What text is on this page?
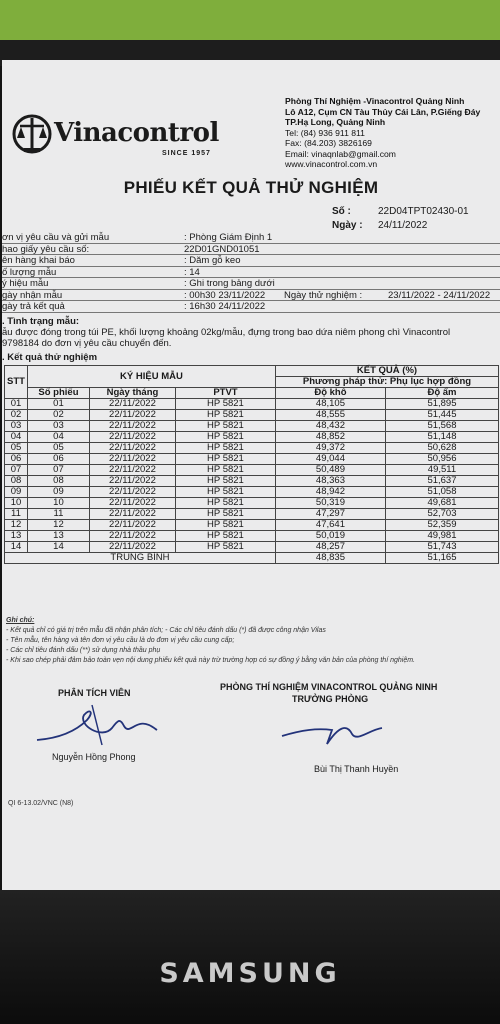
Vinacontrol
SINCE 1957
Phòng Thí Nghiệm -Vinacontrol Quảng Ninh
Lô A12, Cụm CN Tàu Thủy Cái Lân, P.Giếng Đáy
TP.Hạ Long, Quảng Ninh
Tel: (84) 936 911 811
Fax: (84.203) 3826169
Email: vinaqnlab@gmail.com
www.vinacontrol.com.vn
PHIẾU KẾT QUẢ THỬ NGHIỆM
Số :	22D04TPT02430-01
Ngày : 24/11/2022
ơn vị yêu cầu và gửi mẫu	: Phòng Giám Định 1
hao giấy yêu cầu số:	22D01GND01051
ên hàng khai báo	: Dăm gỗ keo
ố lượng mẫu	: 14
ý hiệu mẫu	: Ghi trong bảng dưới
gày nhận mẫu	: 00h30 23/11/2022 Ngày thử nghiệm :	23/11/2022 - 24/11/2022
gày trả kết quả	: 16h30 24/11/2022
. Tình trạng mẫu:
ẫu được đóng trong túi PE, khối lượng khoảng 02kg/mẫu, đựng trong bao dứa niêm phong chì Vinacontrol
9798184 do đơn vị yêu cầu chuyển đến.
. Kết quả thử nghiệm
STT	KÝ HIỆU MẪU			KẾT QUẢ (%)	
				Phương pháp thử: Phụ lục hợp đồng	
	Số phiếu	Ngày tháng	PTVT	Độ khô	Độ ẩm
01	01	22/11/2022	HP 5821	48,105	51,895
02	02	22/11/2022	HP 5821	48,555	51,445
03	03	22/11/2022	HP 5821	48,432	51,568
04	04	22/11/2022	HP 5821	48,852	51,148
05	05	22/11/2022	HP 5821	49,372	50,628
06	06	22/11/2022	HP 5821	49,044	50,956
07	07	22/11/2022	HP 5821	50,489	49,511
08	08	22/11/2022	HP 5821	48,363	51,637
09	09	22/11/2022	HP 5821	48,942	51,058
10	10	22/11/2022	HP 5821	50,319	49,681
11	11	22/11/2022	HP 5821	47,297	52,703
12	12	22/11/2022	HP 5821	47,641	52,359
13	13	22/11/2022	HP 5821	50,019	49,981
14	14	22/11/2022	HP 5821	48,257	51,743
TRUNG BÌNH				48,835	51,165
Ghi chú:
- Kết quả chỉ có giá trị trên mẫu đã nhận phân tích; - Các chỉ tiêu đánh dấu (*) đã được công nhận Vilas
- Tên mẫu, tên hàng và tên đơn vị yêu cầu là do đơn vị yêu cầu cung cấp;
- Các chỉ tiêu đánh dấu (**) sử dụng nhà thầu phụ
- Khi sao chép phải đảm bảo toàn vẹn nội dung phiếu kết quả này trừ trường hợp có sự đồng ý bằng văn bản của phòng thí nghiệm.
PHÂN TÍCH VIÊN
Nguyễn Hồng Phong
PHÒNG THÍ NGHIỆM VINACONTROL QUẢNG NINH
TRƯỞNG PHÒNG
Bùi Thị Thanh Huyền
QI 6-13.02/VNC (N8)
SAMSUNG
